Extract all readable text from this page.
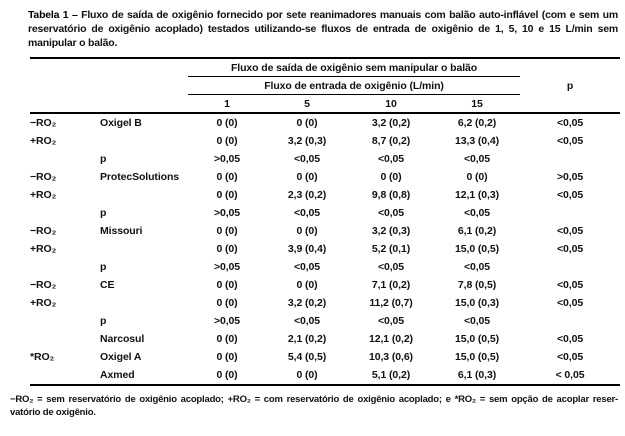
Tabela 1 – Fluxo de saída de oxigênio fornecido por sete reanimadores manuais com balão auto-inflável (com e sem um reservatório de oxigênio acoplado) testados utilizando-se fluxos de entrada de oxigênio de 1, 5, 10 e 15 L/min sem manipular o balão.

		Fluxo de saída de oxigênio sem manipular o balão				p
		Fluxo de entrada de oxigênio (L/min)				
		1	5	10	15	
−RO₂	Oxigel B	0 (0)	0 (0)	3,2 (0,2)	6,2 (0,2)	<0,05
+RO₂		0 (0)	3,2 (0,3)	8,7 (0,2)	13,3 (0,4)	<0,05
	p	>0,05	<0,05	<0,05	<0,05	
−RO₂	ProtecSolutions	0 (0)	0 (0)	0 (0)	0 (0)	>0,05
+RO₂		0 (0)	2,3 (0,2)	9,8 (0,8)	12,1 (0,3)	<0,05
	p	>0,05	<0,05	<0,05	<0,05	
−RO₂	Missouri	0 (0)	0 (0)	3,2 (0,3)	6,1 (0,2)	<0,05
+RO₂		0 (0)	3,9 (0,4)	5,2 (0,1)	15,0 (0,5)	<0,05
	p	>0,05	<0,05	<0,05	<0,05	
−RO₂	CE	0 (0)	0 (0)	7,1 (0,2)	7,8 (0,5)	<0,05
+RO₂		0 (0)	3,2 (0,2)	11,2 (0,7)	15,0 (0,3)	<0,05
	p	>0,05	<0,05	<0,05	<0,05	
	Narcosul	0 (0)	2,1 (0,2)	12,1 (0,2)	15,0 (0,5)	<0,05
*RO₂	Oxigel A	0 (0)	5,4 (0,5)	10,3 (0,6)	15,0 (0,5)	<0,05
	Axmed	0 (0)	0 (0)	5,1 (0,2)	6,1 (0,3)	< 0,05

−RO₂ = sem reservatório de oxigênio acoplado; +RO₂ = com reservatório de oxigênio acoplado; e *RO₂ = sem opção de acoplar reser-
vatório de oxigênio.
